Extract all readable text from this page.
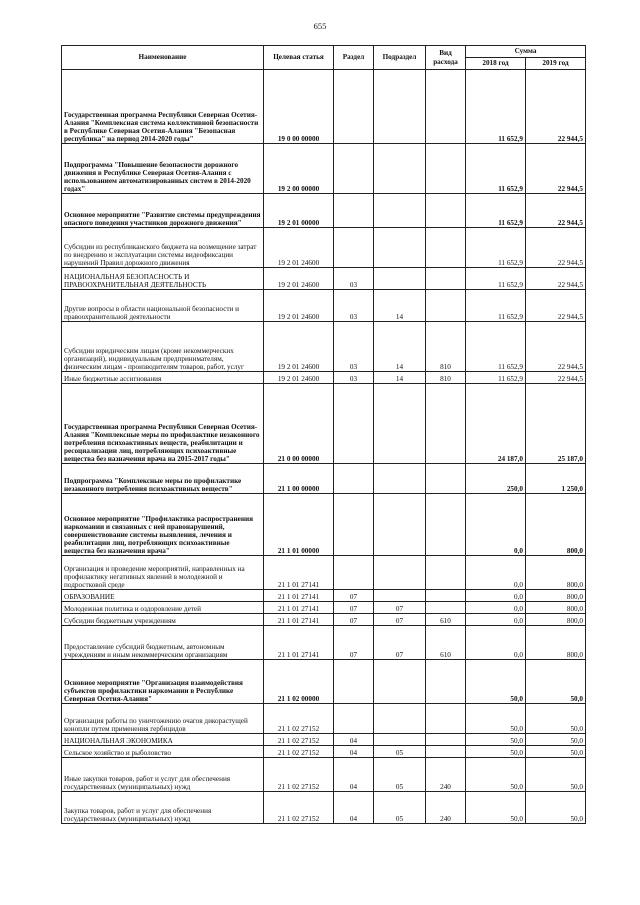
655
Наименование	Целевая статья	Раздел	Подраздел	Вид расхода	Сумма	
					2018 год	2019 год
Государственная программа Республики Северная Осетия-Алания "Комплексная система коллективной безопасности в Республике Северная Осетия-Алания "Безопасная республика" на период 2014-2020 годы"	19 0 00 00000				11 652,9	22 944,5
Подпрограмма "Повышение безопасности дорожного движения в Республике Северная Осетия-Алания с использованием автоматизированных систем в 2014-2020 годах"	19 2 00 00000				11 652,9	22 944,5
Основное мероприятие "Развитие системы предупреждения опасного поведения участников дорожного движения"	19 2 01 00000				11 652,9	22 944,5
Субсидии из республиканского бюджета на возмещение затрат по внедрению и эксплуатации системы видеофиксации нарушений Правил дорожного движения	19 2 01 24600				11 652,9	22 944,5
НАЦИОНАЛЬНАЯ БЕЗОПАСНОСТЬ И ПРАВООХРАНИТЕЛЬНАЯ ДЕЯТЕЛЬНОСТЬ	19 2 01 24600	03			11 652,9	22 944,5
Другие вопросы в области национальной безопасности и правоохранительной деятельности	19 2 01 24600	03	14		11 652,9	22 944,5
Субсидии юридическим лицам (кроме некоммерческих организаций), индивидуальным предпринимателям, физическим лицам - производителям товаров, работ, услуг	19 2 01 24600	03	14	810	11 652,9	22 944,5
Иные бюджетные ассигнования	19 2 01 24600	03	14	810	11 652,9	22 944,5
Государственная программа Республики Северная Осетия-Алания "Комплексные меры по профилактике незаконного потребления психоактивных веществ, реабилитации и ресоциализации лиц, потребляющих психоактивные вещества без назначения врача на 2015-2017 годы"	21 0 00 00000				24 187,0	25 187,0
Подпрограмма "Комплексные меры по профилактике незаконного потребления психоактивных веществ"	21 1 00 00000				250,0	1 250,0
Основное мероприятие "Профилактика распространения наркомании и связанных с ней правонарушений, совершенствование системы выявления, лечения и реабилитации лиц, потребляющих психоактивные вещества без назначения врача"	21 1 01 00000				0,0	800,0
Организация и проведение мероприятий, направленных на профилактику негативных явлений в молодежной и подростковой среде	21 1 01 27141				0,0	800,0
ОБРАЗОВАНИЕ	21 1 01 27141	07			0,0	800,0
Молодежная политика и оздоровление детей	21 1 01 27141	07	07		0,0	800,0
Субсидии бюджетным учреждениям	21 1 01 27141	07	07	610	0,0	800,0
Предоставление субсидий бюджетным, автономным учреждениям и иным некоммерческим организациям	21 1 01 27141	07	07	610	0,0	800,0
Основное мероприятие "Организация взаимодействия субъектов профилактики наркомании в Республике Северная Осетия-Алания"	21 1 02 00000				50,0	50,0
Организация работы по уничтожению очагов дикорастущей конопли путем применения гербицидов	21 1 02 27152				50,0	50,0
НАЦИОНАЛЬНАЯ ЭКОНОМИКА	21 1 02 27152	04			50,0	50,0
Сельское хозяйство и рыболовство	21 1 02 27152	04	05		50,0	50,0
Иные закупки товаров, работ и услуг для обеспечения государственных (муниципальных) нужд	21 1 02 27152	04	05	240	50,0	50,0
Закупка товаров, работ и услуг для обеспечения государственных (муниципальных) нужд	21 1 02 27152	04	05	240	50,0	50,0
